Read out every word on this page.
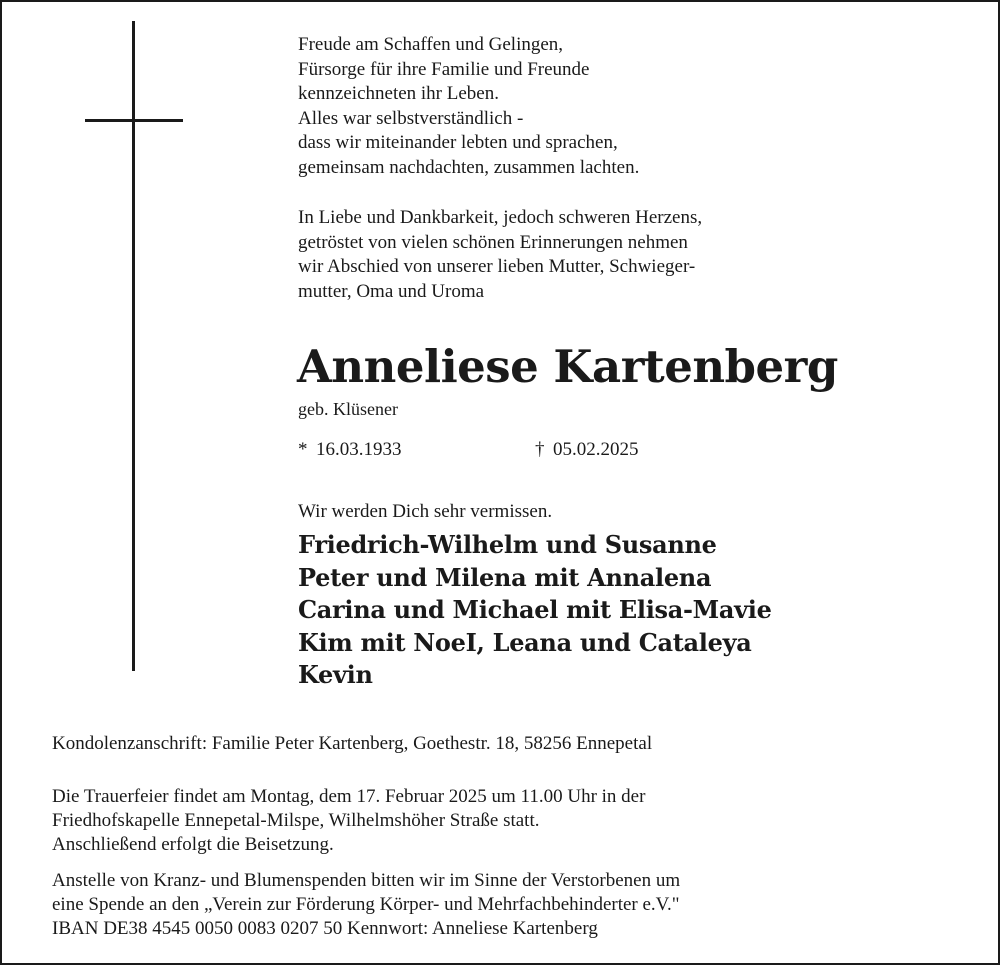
Freude am Schaffen und Gelingen,
Fürsorge für ihre Familie und Freunde
kennzeichneten ihr Leben.
Alles war selbstverständlich -
dass wir miteinander lebten und sprachen,
gemeinsam nachdachten, zusammen lachten.
In Liebe und Dankbarkeit, jedoch schweren Herzens,
getröstet von vielen schönen Erinnerungen nehmen
wir Abschied von unserer lieben Mutter, Schwieger-
mutter, Oma und Uroma
Anneliese Kartenberg
geb. Klüsener
* 16.03.1933	† 05.02.2025
Wir werden Dich sehr vermissen.
Friedrich-Wilhelm und Susanne
Peter und Milena mit Annalena
Carina und Michael mit Elisa-Mavie
Kim mit NoeI, Leana und Cataleya
Kevin
Kondolenzanschrift: Familie Peter Kartenberg, Goethestr. 18, 58256 Ennepetal
Die Trauerfeier findet am Montag, dem 17. Februar 2025 um 11.00 Uhr in der
Friedhofskapelle Ennepetal-Milspe, Wilhelmshöher Straße statt.
Anschließend erfolgt die Beisetzung.
Anstelle von Kranz- und Blumenspenden bitten wir im Sinne der Verstorbenen um
eine Spende an den „Verein zur Förderung Körper- und Mehrfachbehinderter e.V."
IBAN DE38 4545 0050 0083 0207 50 Kennwort: Anneliese Kartenberg
